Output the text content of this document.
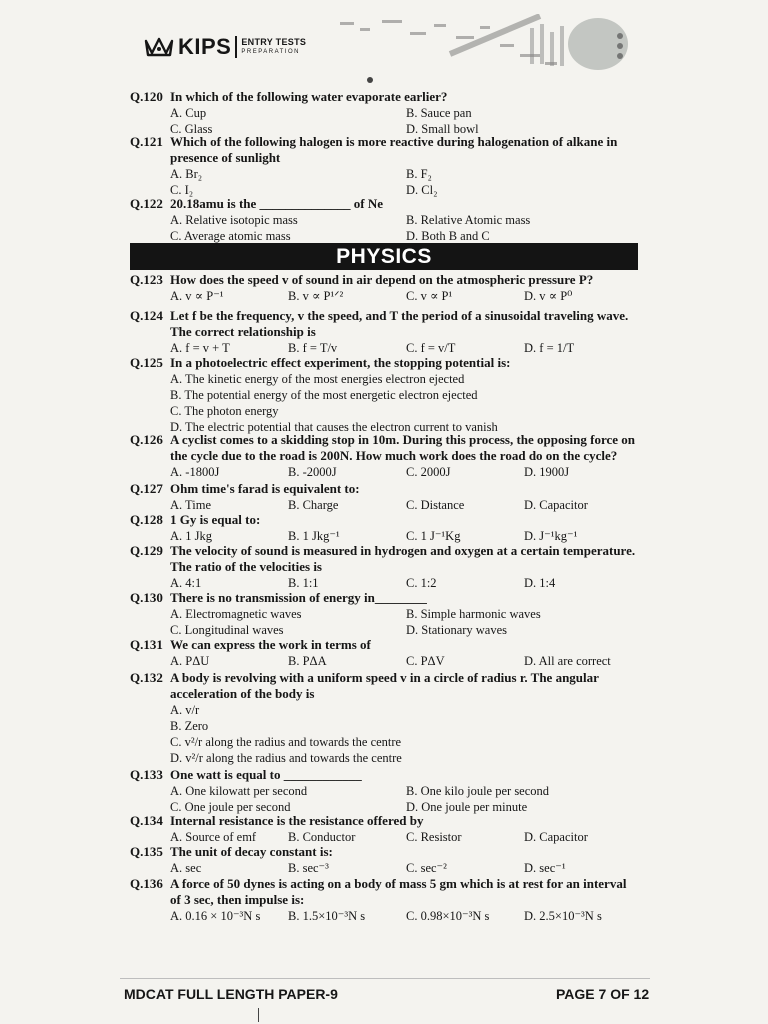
KIPS ENTRY TESTS
PREPARATION
PHYSICS
Q.120 In which of the following water evaporate earlier?
A. Cup	B. Sauce pan
C. Glass	D. Small bowl
Q.121 Which of the following halogen is more reactive during halogenation of alkane in
presence of sunlight
A. Br₂	B. F₂
C. I₂	D. Cl₂
Q.122 20.18amu is the ______________ of Ne
A. Relative isotopic mass	B. Relative Atomic mass
C. Average atomic mass	D. Both B and C
Q.123 How does the speed v of sound in air depend on the atmospheric pressure P?
A. v ∝ P⁻¹	B. v ∝ P¹ᐟ²	C. v ∝ P¹	D. v ∝ P⁰
Q.124 Let f be the frequency, v the speed, and T the period of a sinusoidal traveling wave.
The correct relationship is
A. f = v + T	B. f = T/v	C. f = v/T	D. f = 1/T
Q.125 In a photoelectric effect experiment, the stopping potential is:
A. The kinetic energy of the most energies electron ejected
B. The potential energy of the most energetic electron ejected
C. The photon energy
D. The electric potential that causes the electron current to vanish
Q.126 A cyclist comes to a skidding stop in 10m. During this process, the opposing force on
the cycle due to the road is 200N. How much work does the road do on the cycle?
A. -1800J	B. -2000J	C. 2000J	D. 1900J
Q.127 Ohm time's farad is equivalent to:
A. Time	B. Charge	C. Distance	D. Capacitor
Q.128 1 Gy is equal to:
A. 1 Jkg	B. 1 Jkg⁻¹	C. 1 J⁻¹Kg	D. J⁻¹kg⁻¹
Q.129 The velocity of sound is measured in hydrogen and oxygen at a certain temperature.
The ratio of the velocities is
A. 4:1	B. 1:1	C. 1:2	D. 1:4
Q.130 There is no transmission of energy in________
A. Electromagnetic waves	B. Simple harmonic waves
C. Longitudinal waves	D. Stationary waves
Q.131 We can express the work in terms of
A. PΔU	B. PΔA	C. PΔV	D. All are correct
Q.132 A body is revolving with a uniform speed v in a circle of radius r. The angular
acceleration of the body is
A. v/r
B. Zero
C. v²/r along the radius and towards the centre
D. v²/r along the radius and towards the centre
Q.133 One watt is equal to ____________
A. One kilowatt per second	B. One kilo joule per second
C. One joule per second	D. One joule per minute
Q.134 Internal resistance is the resistance offered by
A. Source of emf	B. Conductor	C. Resistor	D. Capacitor
Q.135 The unit of decay constant is:
A. sec	B. sec⁻³	C. sec⁻²	D. sec⁻¹
Q.136 A force of 50 dynes is acting on a body of mass 5 gm which is at rest for an interval
of 3 sec, then impulse is:
A. 0.16 × 10⁻³N s B. 1.5×10⁻³N s	C. 0.98×10⁻³N s	D. 2.5×10⁻³N s
MDCAT FULL LENGTH PAPER-9	PAGE 7 OF 12
